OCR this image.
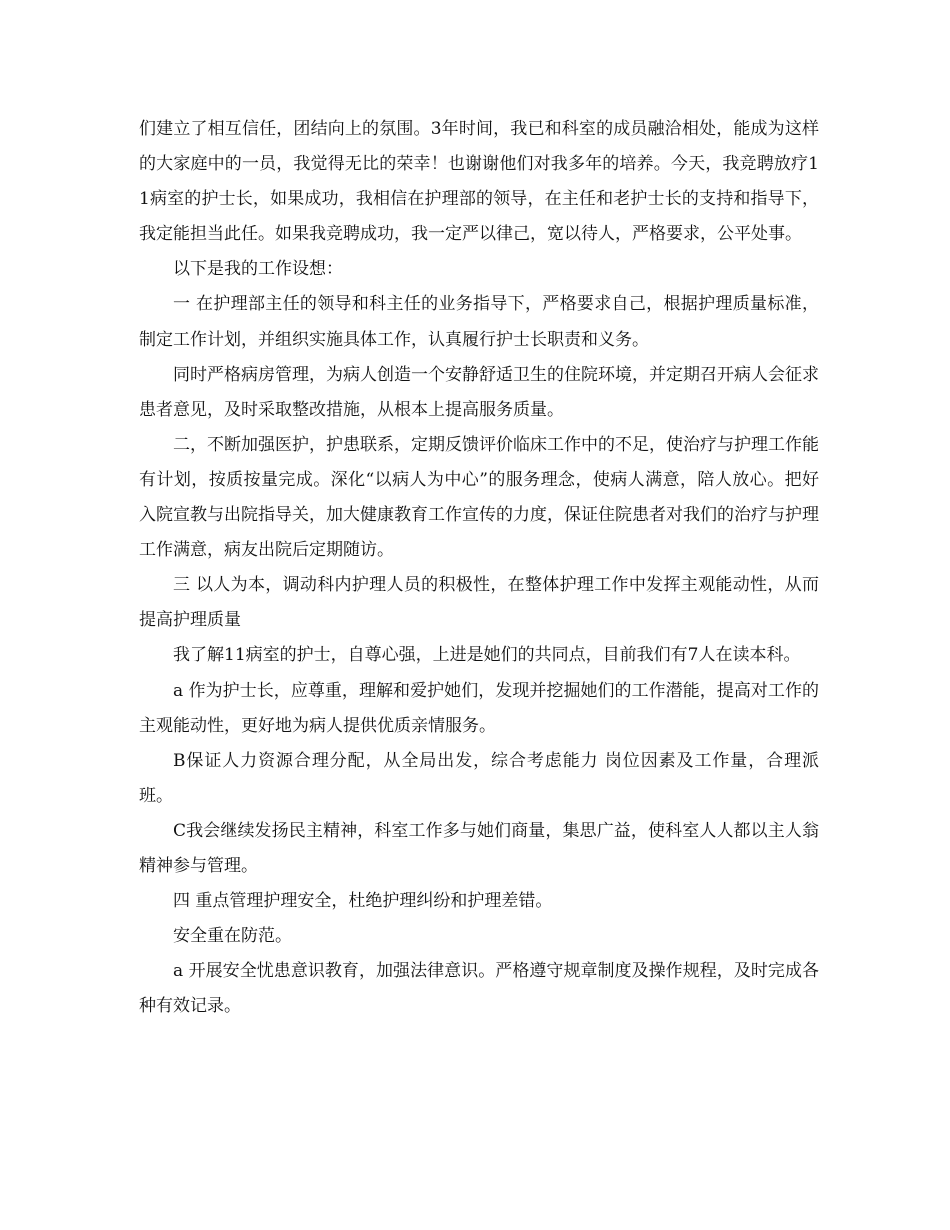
们建立了相互信任，团结向上的氛围。3年时间，我已和科室的成员融洽相处，能成为这样的大家庭中的一员，我觉得无比的荣幸！也谢谢他们对我多年的培养。今天，我竞聘放疗11病室的护士长，如果成功，我相信在护理部的领导，在主任和老护士长的支持和指导下，我定能担当此任。如果我竞聘成功，我一定严以律己，宽以待人，严格要求，公平处事。

以下是我的工作设想：

一 在护理部主任的领导和科主任的业务指导下，严格要求自己，根据护理质量标准，制定工作计划，并组织实施具体工作，认真履行护士长职责和义务。

同时严格病房管理，为病人创造一个安静舒适卫生的住院环境，并定期召开病人会征求患者意见，及时采取整改措施，从根本上提高服务质量。

二，不断加强医护，护患联系，定期反馈评价临床工作中的不足，使治疗与护理工作能有计划，按质按量完成。深化“以病人为中心”的服务理念，使病人满意，陪人放心。把好入院宣教与出院指导关，加大健康教育工作宣传的力度，保证住院患者对我们的治疗与护理工作满意，病友出院后定期随访。

三 以人为本，调动科内护理人员的积极性，在整体护理工作中发挥主观能动性，从而提高护理质量

我了解11病室的护士，自尊心强，上进是她们的共同点，目前我们有7人在读本科。

a 作为护士长，应尊重，理解和爱护她们，发现并挖掘她们的工作潜能，提高对工作的主观能动性，更好地为病人提供优质亲情服务。

B保证人力资源合理分配，从全局出发，综合考虑能力 岗位因素及工作量，合理派班。

C我会继续发扬民主精神，科室工作多与她们商量，集思广益，使科室人人都以主人翁精神参与管理。

四 重点管理护理安全，杜绝护理纠纷和护理差错。

安全重在防范。

a 开展安全忧患意识教育，加强法律意识。严格遵守规章制度及操作规程，及时完成各种有效记录。
